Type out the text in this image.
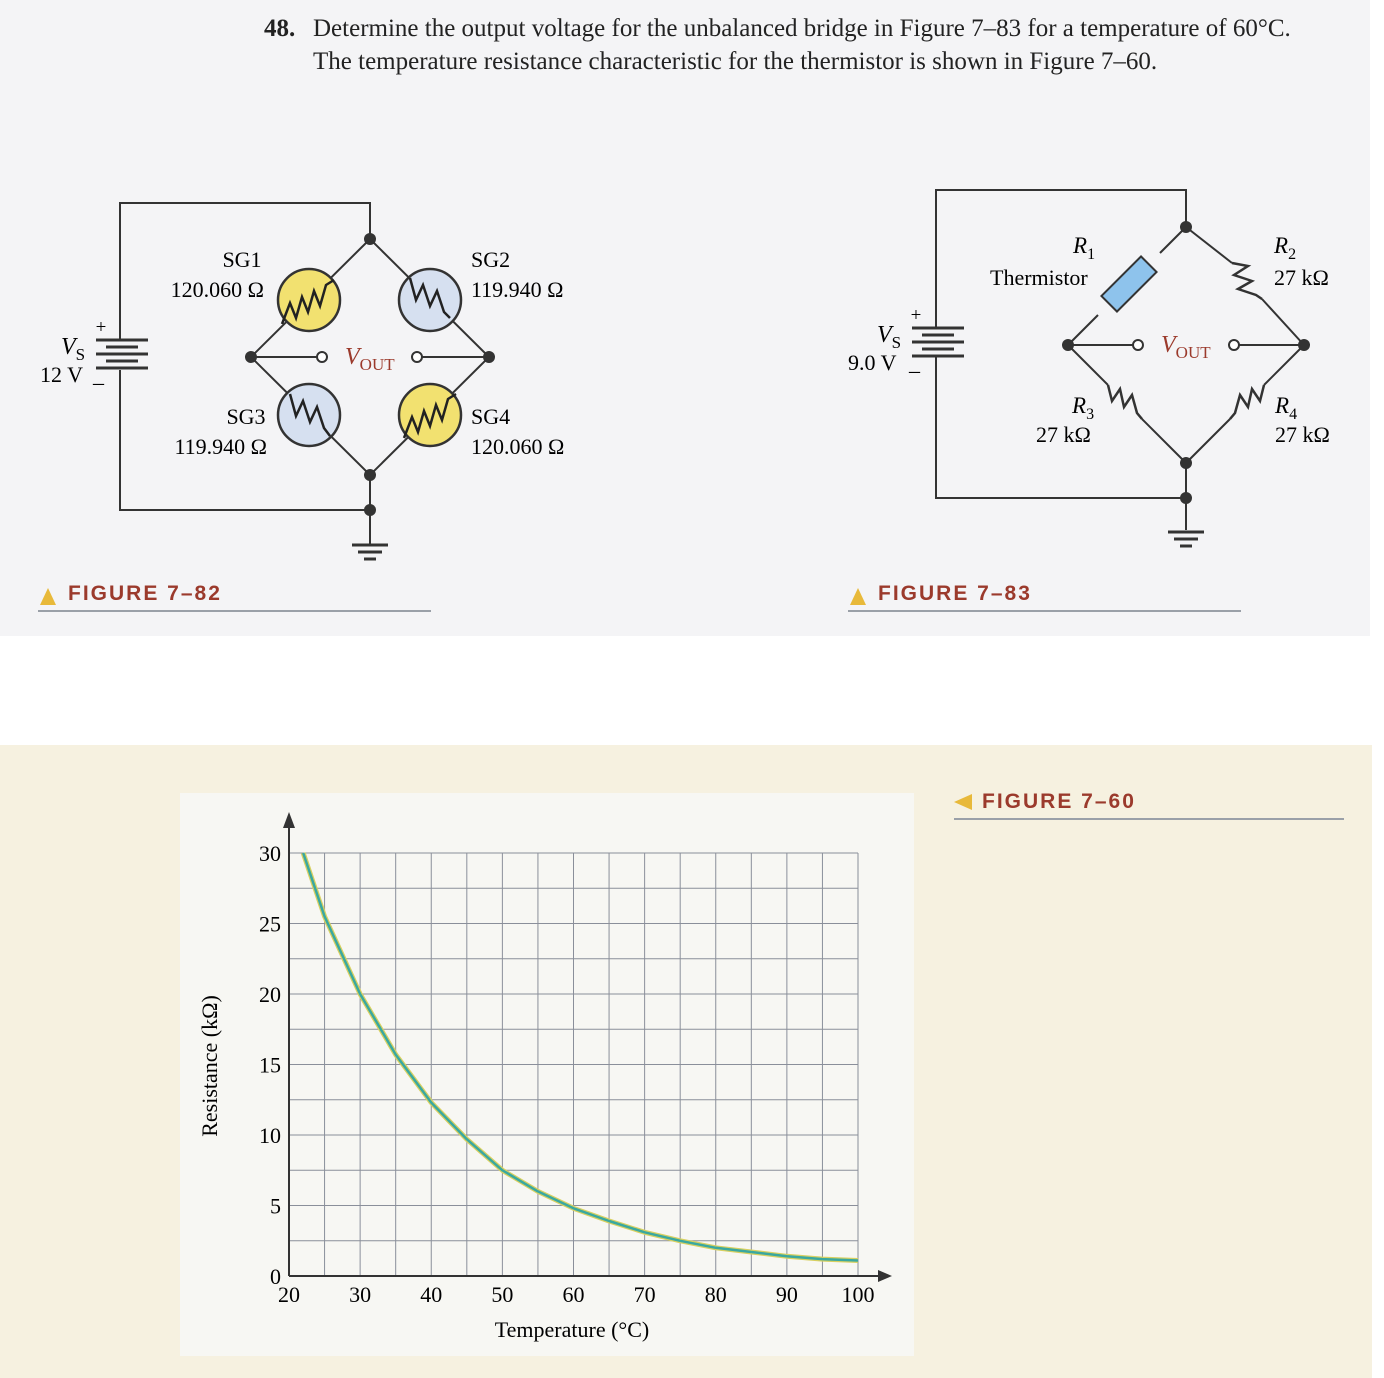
48. Determine the output voltage for the unbalanced bridge in Figure 7–83 for a temperature of 60°C. The temperature resistance characteristic for the thermistor is shown in Figure 7–60.
+
$V_S$
12 V _
SG1
120.060 Ω
SG2
119.940 Ω
SG3
119.940 Ω
SG4
120.060 Ω
$V_{OUT}$
FIGURE 7–82
+
$V_S$
9.0 V _
$R_1$
Thermistor
$R_2$
27 kΩ
$R_3$
27 kΩ
$R_4$
27 kΩ
$V_{OUT}$
FIGURE 7–83
20 30 40 50 60 70 80 90 100
0
5
10
15
20
25
30
Temperature (°C)
Resistance (kΩ)
FIGURE 7–60
